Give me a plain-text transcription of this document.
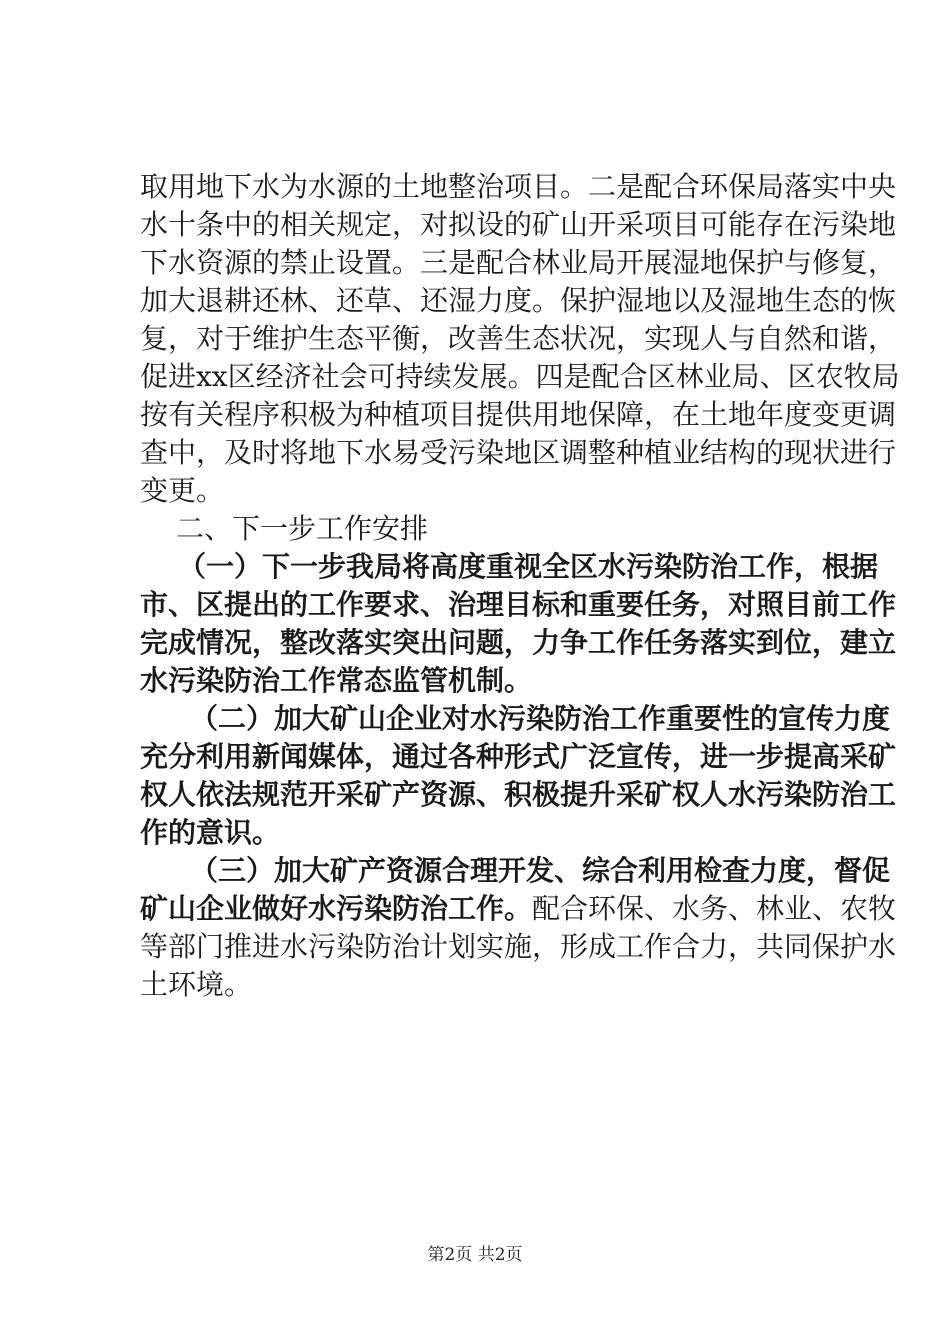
取用地下水为水源的土地整治项目。二是配合环保局落实中央
水十条中的相关规定，对拟设的矿山开采项目可能存在污染地
下水资源的禁止设置。三是配合林业局开展湿地保护与修复，
加大退耕还林、还草、还湿力度。保护湿地以及湿地生态的恢
复，对于维护生态平衡，改善生态状况，实现人与自然和谐，
促进xx区经济社会可持续发展。四是配合区林业局、区农牧局
按有关程序积极为种植项目提供用地保障，在土地年度变更调
查中，及时将地下水易受污染地区调整种植业结构的现状进行
变更。
二、下一步工作安排
（一）下一步我局将高度重视全区水污染防治工作，根据
市、区提出的工作要求、治理目标和重要任务，对照目前工作
完成情况，整改落实突出问题，力争工作任务落实到位，建立
水污染防治工作常态监管机制。
（二）加大矿山企业对水污染防治工作重要性的宣传力度
充分利用新闻媒体，通过各种形式广泛宣传，进一步提高采矿
权人依法规范开采矿产资源、积极提升采矿权人水污染防治工
作的意识。
（三）加大矿产资源合理开发、综合利用检查力度，督促
矿山企业做好水污染防治工作。配合环保、水务、林业、农牧
等部门推进水污染防治计划实施，形成工作合力，共同保护水
土环境。
第2页 共2页
